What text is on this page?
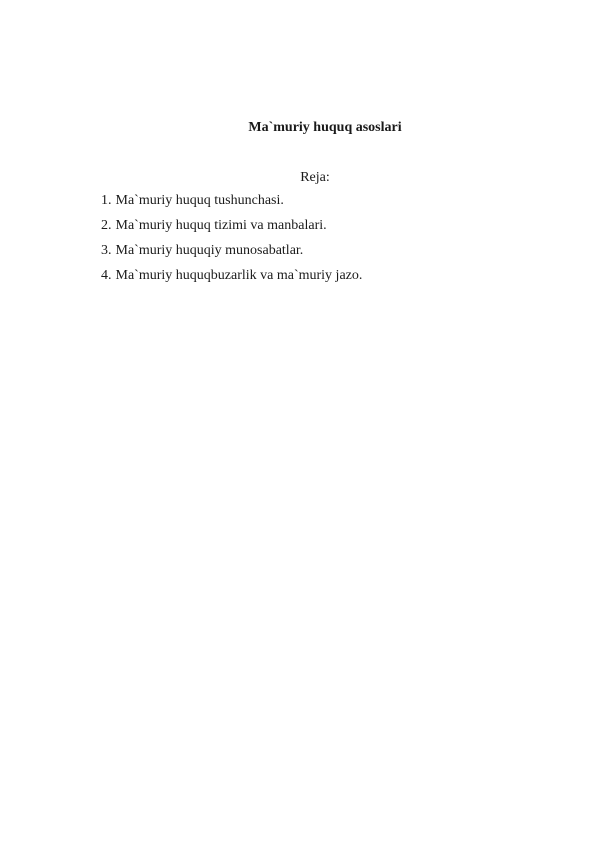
Ma`muriy huquq asoslari

Reja:

1. Ma`muriy huquq tushunchasi.
2. Ma`muriy huquq tizimi va manbalari.
3. Ma`muriy huquqiy munosabatlar.
4. Ma`muriy huquqbuzarlik va ma`muriy jazo.
